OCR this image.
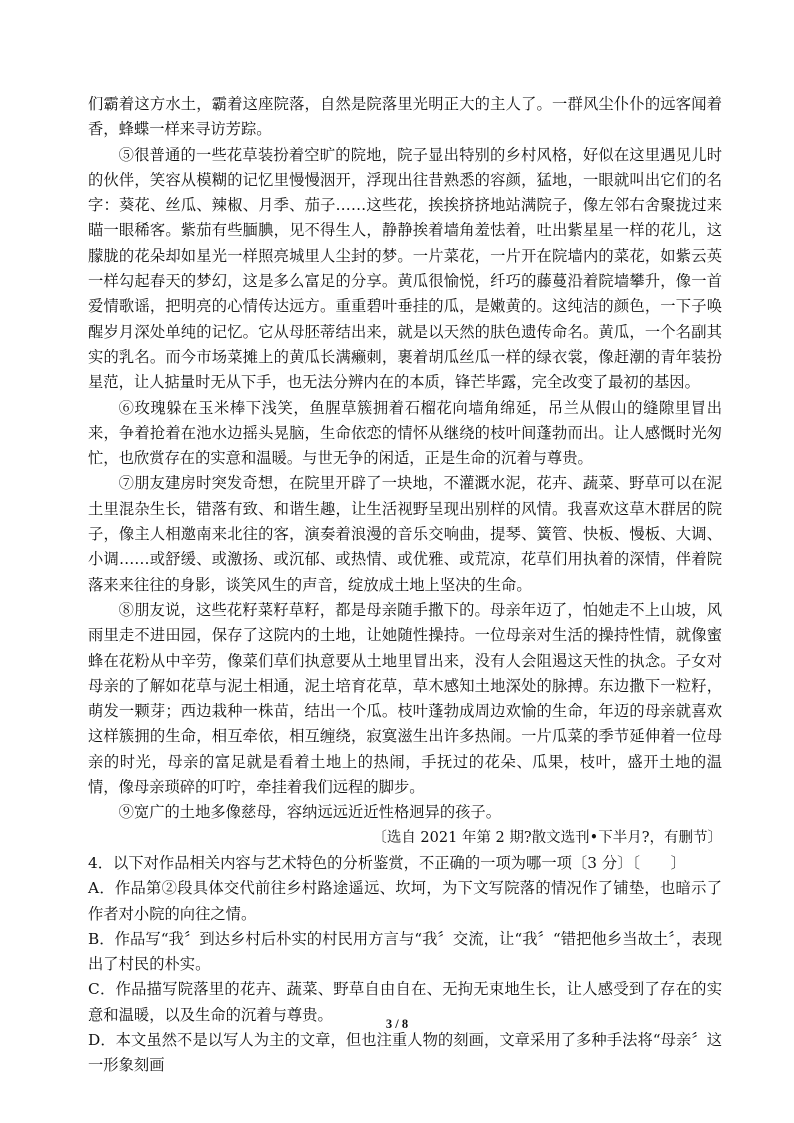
们霸着这方水土，霸着这座院落，自然是院落里光明正大的主人了。一群风尘仆仆的远客闻着香，蜂蝶一样来寻访芳踪。

⑤很普通的一些花草装扮着空旷的院地，院子显出特别的乡村风格，好似在这里遇见儿时的伙伴，笑容从模糊的记忆里慢慢洇开，浮现出往昔熟悉的容颜，猛地，一眼就叫出它们的名字：葵花、丝瓜、辣椒、月季、茄子……这些花，挨挨挤挤地站满院子，像左邻右舍聚拢过来瞄一眼稀客。紫茄有些腼腆，见不得生人，静静挨着墙角羞怯着，吐出紫星星一样的花儿，这朦胧的花朵却如星光一样照亮城里人尘封的梦。一片菜花，一片开在院墙内的菜花，如紫云英一样勾起春天的梦幻，这是多么富足的分享。黄瓜很愉悦，纤巧的藤蔓沿着院墙攀升，像一首爱情歌谣，把明亮的心情传达远方。重重碧叶垂挂的瓜，是嫩黄的。这纯洁的颜色，一下子唤醒岁月深处单纯的记忆。它从母胚蒂结出来，就是以天然的肤色遗传命名。黄瓜，一个名副其实的乳名。而今市场菜摊上的黄瓜长满癞刺，裹着胡瓜丝瓜一样的绿衣裳，像赶潮的青年装扮星范，让人掂量时无从下手，也无法分辨内在的本质，锋芒毕露，完全改变了最初的基因。

⑥玫瑰躲在玉米棒下浅笑，鱼腥草簇拥着石榴花向墙角绵延，吊兰从假山的缝隙里冒出来，争着抢着在池水边摇头晃脑，生命依恋的情怀从继绕的枝叶间蓬勃而出。让人感慨时光匆忙，也欣赏存在的实意和温暖。与世无争的闲适，正是生命的沉着与尊贵。

⑦朋友建房时突发奇想，在院里开辟了一块地，不灌溉水泥，花卉、蔬菜、野草可以在泥土里混杂生长，错落有致、和谐生趣，让生活视野呈现出别样的风情。我喜欢这草木群居的院子，像主人相邀南来北往的客，演奏着浪漫的音乐交响曲，提琴、簧管、快板、慢板、大调、小调……或舒缓、或激扬、或沉郁、或热情、或优雅、或荒凉，花草们用执着的深情，伴着院落来来往往的身影，谈笑风生的声音，绽放成土地上坚决的生命。

⑧朋友说，这些花籽菜籽草籽，都是母亲随手撒下的。母亲年迈了，怕她走不上山坡，风雨里走不进田园，保存了这院内的土地，让她随性操持。一位母亲对生活的操持性情，就像蜜蜂在花粉从中辛劳，像菜们草们执意要从土地里冒出来，没有人会阻遏这天性的执念。子女对母亲的了解如花草与泥土相通，泥土培育花草，草木感知土地深处的脉搏。东边撒下一粒籽，萌发一颗芽；西边栽种一株苗，结出一个瓜。枝叶蓬勃成周边欢愉的生命，年迈的母亲就喜欢这样簇拥的生命，相互牵依，相互缠绕，寂寞滋生出许多热闹。一片瓜菜的季节延伸着一位母亲的时光，母亲的富足就是看着土地上的热闹，手抚过的花朵、瓜果，枝叶，盛开土地的温情，像母亲琐碎的叮咛，牵挂着我们远程的脚步。

⑨宽广的土地多像慈母，容纳远远近近性格迥异的孩子。

〔选自 2021 年第 2 期?散文选刊•下半月?，有删节〕

4．以下对作品相关内容与艺术特色的分析鉴赏，不正确的一项为哪一项〔3 分〕〔　　〕

A．作品第②段具体交代前往乡村路途遥远、坎坷，为下文写院落的情况作了铺垫，也暗示了作者对小院的向往之情。

B．作品写“我〞到达乡村后朴实的村民用方言与“我〞交流，让“我〞“错把他乡当故土〞，表现出了村民的朴实。

C．作品描写院落里的花卉、蔬菜、野草自由自在、无拘无束地生长，让人感受到了存在的实意和温暖，以及生命的沉着与尊贵。

D．本文虽然不是以写人为主的文章，但也注重人物的刻画，文章采用了多种手法将“母亲〞这一形象刻画

3 / 8
